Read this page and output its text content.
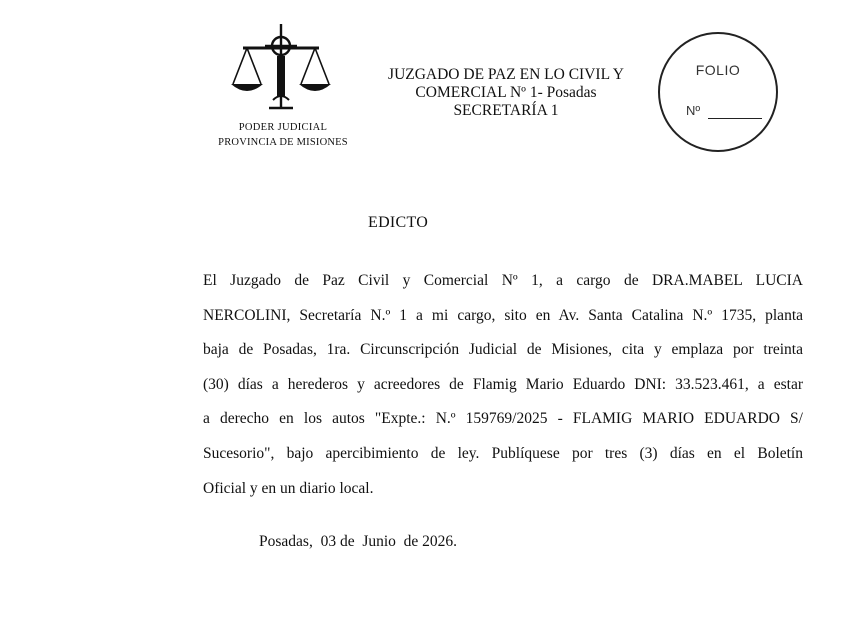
PODER JUDICIAL
PROVINCIA DE MISIONES
JUZGADO DE PAZ EN LO CIVIL Y
COMERCIAL Nº 1- Posadas
SECRETARÍA 1
FOLIO
Nº
EDICTO
El Juzgado de Paz Civil y Comercial Nº 1, a cargo de DRA.MABEL LUCIA
NERCOLINI, Secretaría N.º 1 a mi cargo, sito en Av. Santa Catalina N.º 1735, planta
baja de Posadas, 1ra. Circunscripción Judicial de Misiones, cita y emplaza por treinta
(30) días a herederos y acreedores de Flamig Mario Eduardo DNI: 33.523.461, a estar
a derecho en los autos "Expte.: N.º 159769/2025 - FLAMIG MARIO EDUARDO S/
Sucesorio", bajo apercibimiento de ley. Publíquese por tres (3) días en el Boletín
Oficial y en un diario local.
Posadas,  03 de  Junio  de 2026.
